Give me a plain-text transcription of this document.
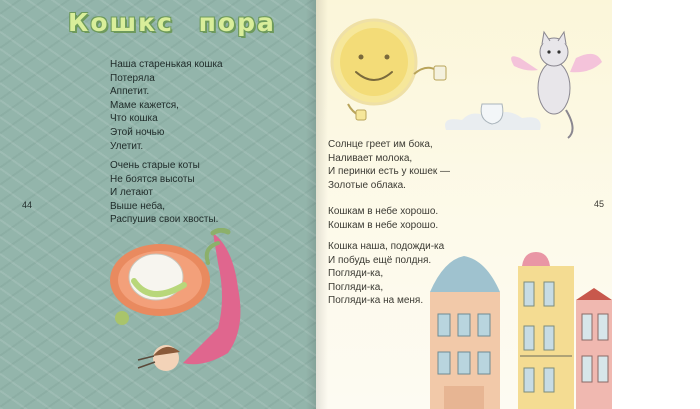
Кошкс пора
Наша старенькая кошка
Потеряла
Аппетит.
Маме кажется,
Что кошка
Этой ночью
Улетит.
Очень старые коты
Не боятся высоты
И летают
Выше неба,
Распушив свои хвосты.
44
Солнце греет им бока,
Наливает молока,
И перинки есть у кошек —
Золотые облака.
Кошкам в небе хорошо.
Кошкам в небе хорошо.
Кошка наша, подожди-ка
И побудь ещё полдня.
Погляди-ка,
Погляди-ка,
Погляди-ка на меня.
45
